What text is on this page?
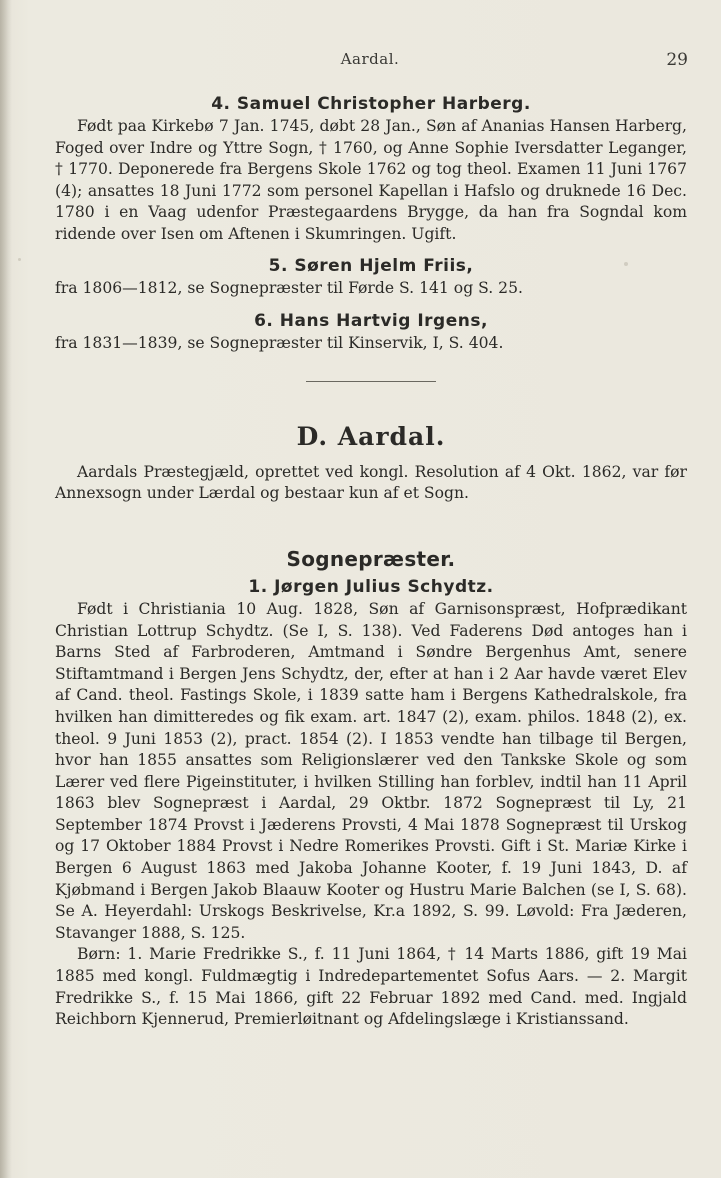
Aardal.	29
4. Samuel Christopher Harberg.

Født paa Kirkebø 7 Jan. 1745, døbt 28 Jan., Søn af Ananias Hansen Harberg, Foged over Indre og Yttre Sogn, † 1760, og Anne Sophie Iversdatter Leganger, † 1770. Deponerede fra Bergens Skole 1762 og tog theol. Examen 11 Juni 1767 (4); ansattes 18 Juni 1772 som personel Kapellan i Hafslo og druknede 16 Dec. 1780 i en Vaag udenfor Præstegaardens Brygge, da han fra Sogndal kom ridende over Isen om Aftenen i Skumringen. Ugift.

5. Søren Hjelm Friis,

fra 1806—1812, se Sognepræster til Førde S. 141 og S. 25.

6. Hans Hartvig Irgens,

fra 1831—1839, se Sognepræster til Kinservik, I, S. 404.

D. Aardal.

Aardals Præstegjæld, oprettet ved kongl. Resolution af 4 Okt. 1862, var før Annexsogn under Lærdal og bestaar kun af et Sogn.

Sognepræster.
1. Jørgen Julius Schydtz.

Født i Christiania 10 Aug. 1828, Søn af Garnisonspræst, Hofprædikant Christian Lottrup Schydtz. (Se I, S. 138). Ved Faderens Død antoges han i Barns Sted af Farbroderen, Amtmand i Søndre Bergenhus Amt, senere Stiftamtmand i Bergen Jens Schydtz, der, efter at han i 2 Aar havde været Elev af Cand. theol. Fastings Skole, i 1839 satte ham i Bergens Kathedralskole, fra hvilken han dimitteredes og fik exam. art. 1847 (2), exam. philos. 1848 (2), ex. theol. 9 Juni 1853 (2), pract. 1854 (2). I 1853 vendte han tilbage til Bergen, hvor han 1855 ansattes som Religionslærer ved den Tankske Skole og som Lærer ved flere Pigeinstituter, i hvilken Stilling han forblev, indtil han 11 April 1863 blev Sognepræst i Aardal, 29 Oktbr. 1872 Sognepræst til Ly, 21 September 1874 Provst i Jæderens Provsti, 4 Mai 1878 Sognepræst til Urskog og 17 Oktober 1884 Provst i Nedre Romerikes Provsti. Gift i St. Mariæ Kirke i Bergen 6 August 1863 med Jakoba Johanne Kooter, f. 19 Juni 1843, D. af Kjøbmand i Bergen Jakob Blaauw Kooter og Hustru Marie Balchen (se I, S. 68). Se A. Heyerdahl: Urskogs Beskrivelse, Kr.a 1892, S. 99. Løvold: Fra Jæderen, Stavanger 1888, S. 125.

Børn: 1. Marie Fredrikke S., f. 11 Juni 1864, † 14 Marts 1886, gift 19 Mai 1885 med kongl. Fuldmægtig i Indredepartementet Sofus Aars. — 2. Margit Fredrikke S., f. 15 Mai 1866, gift 22 Februar 1892 med Cand. med. Ingjald Reichborn Kjennerud, Premierløitnant og Afdelingslæge i Kristianssand.
